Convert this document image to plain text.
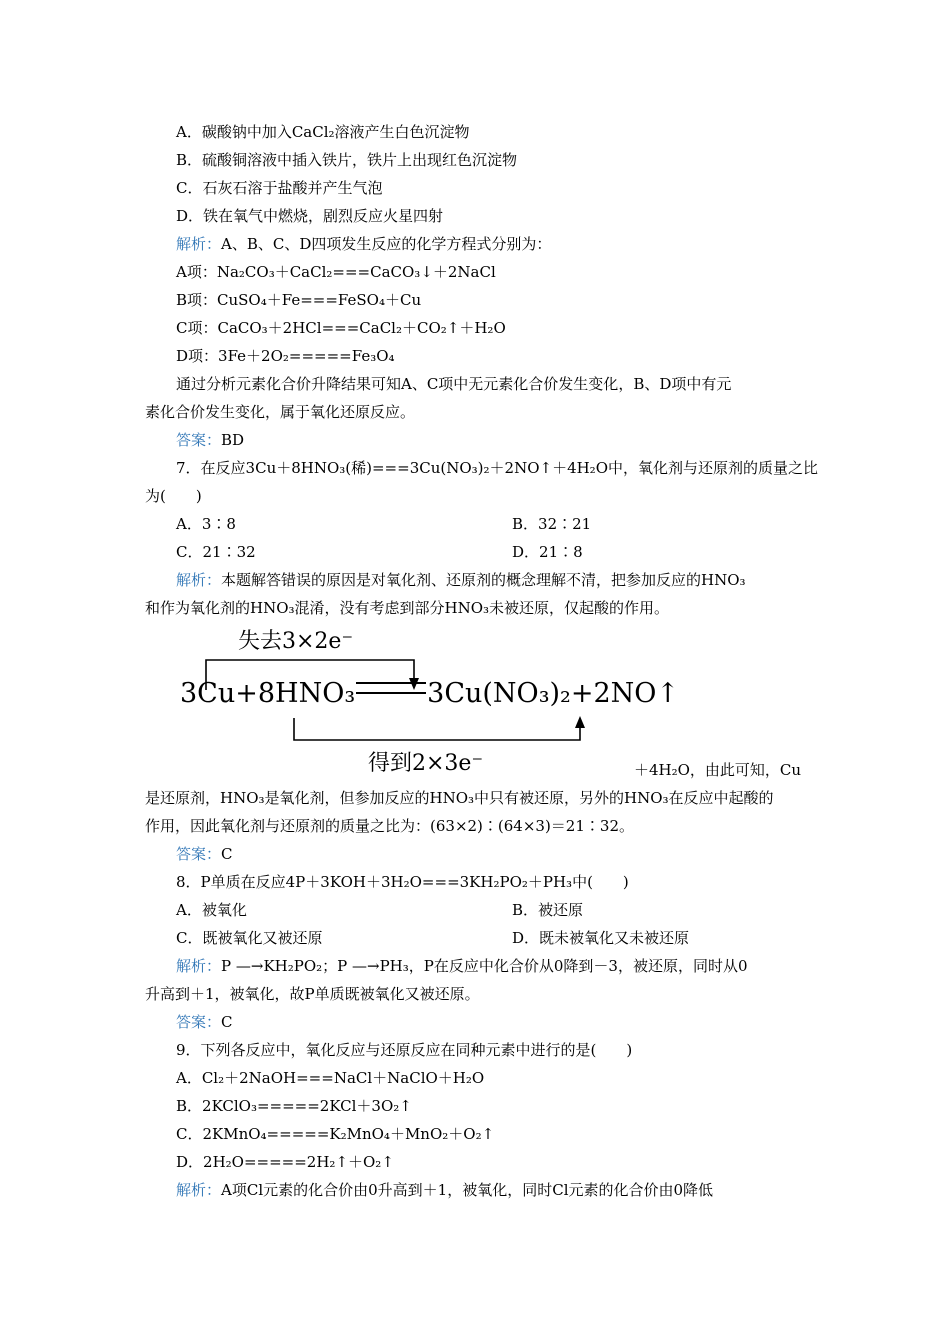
A．碳酸钠中加入CaCl₂溶液产生白色沉淀物
B．硫酸铜溶液中插入铁片，铁片上出现红色沉淀物
C．石灰石溶于盐酸并产生气泡
D．铁在氧气中燃烧，剧烈反应火星四射
解析：A、B、C、D四项发生反应的化学方程式分别为：
A项：Na₂CO₃＋CaCl₂===CaCO₃↓＋2NaCl
B项：CuSO₄＋Fe===FeSO₄＋Cu
C项：CaCO₃＋2HCl===CaCl₂＋CO₂↑＋H₂O
D项：3Fe＋2O₂=====Fe₃O₄
通过分析元素化合价升降结果可知A、C项中无元素化合价发生变化，B、D项中有元
素化合价发生变化，属于氧化还原反应。
答案：BD
7．在反应3Cu＋8HNO₃(稀)===3Cu(NO₃)₂＋2NO↑＋4H₂O中，氧化剂与还原剂的质量之比
为(　　)
A．3∶8	B．32∶21
C．21∶32	D．21∶8
解析：本题解答错误的原因是对氧化剂、还原剂的概念理解不清，把参加反应的HNO₃
和作为氧化剂的HNO₃混淆，没有考虑到部分HNO₃未被还原，仅起酸的作用。
失去3×2e⁻
3Cu+8HNO₃	3Cu(NO₃)₂+2NO↑
得到2×3e⁻	＋4H₂O，由此可知，Cu
是还原剂，HNO₃是氧化剂，但参加反应的HNO₃中只有被还原，另外的HNO₃在反应中起酸的
作用，因此氧化剂与还原剂的质量之比为：(63×2)∶(64×3)＝21∶32。
答案：C
8．P单质在反应4P＋3KOH＋3H₂O===3KH₂PO₂＋PH₃中(　　)
A．被氧化	B．被还原
C．既被氧化又被还原	D．既未被氧化又未被还原
解析：P —→KH₂PO₂；P —→PH₃，P在反应中化合价从0降到－3，被还原，同时从0
升高到＋1，被氧化，故P单质既被氧化又被还原。
答案：C
9．下列各反应中，氧化反应与还原反应在同种元素中进行的是(　　)
A．Cl₂＋2NaOH===NaCl＋NaClO＋H₂O
B．2KClO₃=====2KCl＋3O₂↑
C．2KMnO₄=====K₂MnO₄＋MnO₂＋O₂↑
D．2H₂O=====2H₂↑＋O₂↑
解析：A项Cl元素的化合价由0升高到＋1，被氧化，同时Cl元素的化合价由0降低
